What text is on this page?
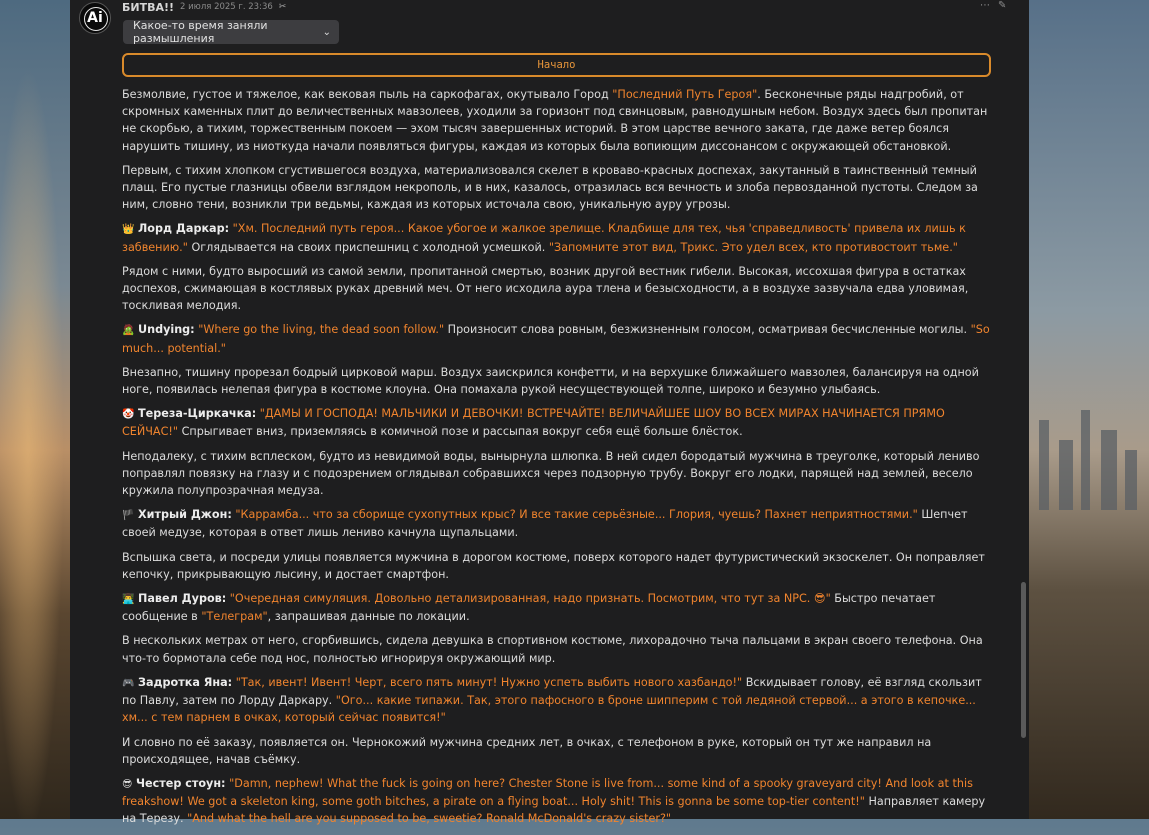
Ai
БИТВА!! 2 июля 2025 г. 23:36 ✂	⋯ ✎
Какое-то время заняли размышления	⌄
Начало

Безмолвие, густое и тяжелое, как вековая пыль на саркофагах, окутывало Город "Последний Путь Героя". Бесконечные ряды надгробий, от скромных каменных плит до величественных мавзолеев, уходили за горизонт под свинцовым, равнодушным небом. Воздух здесь был пропитан не скорбью, а тихим, торжественным покоем — эхом тысяч завершенных историй. В этом царстве вечного заката, где даже ветер боялся нарушить тишину, из ниоткуда начали появляться фигуры, каждая из которых была вопиющим диссонансом с окружающей обстановкой.

Первым, с тихим хлопком сгустившегося воздуха, материализовался скелет в кроваво-красных доспехах, закутанный в таинственный темный плащ. Его пустые глазницы обвели взглядом некрополь, и в них, казалось, отразилась вся вечность и злоба первозданной пустоты. Следом за ним, словно тени, возникли три ведьмы, каждая из которых источала свою, уникальную ауру угрозы.

👑 Лорд Даркар: "Хм. Последний путь героя... Какое убогое и жалкое зрелище. Кладбище для тех, чья 'справедливость' привела их лишь к забвению." Оглядывается на своих приспешниц с холодной усмешкой. "Запомните этот вид, Трикс. Это удел всех, кто противостоит тьме."

Рядом с ними, будто выросший из самой земли, пропитанной смертью, возник другой вестник гибели. Высокая, иссохшая фигура в остатках доспехов, сжимающая в костлявых руках древний меч. От него исходила аура тлена и безысходности, а в воздухе зазвучала едва уловимая, тоскливая мелодия.

🧟 Undying: "Where go the living, the dead soon follow." Произносит слова ровным, безжизненным голосом, осматривая бесчисленные могилы. "So much... potential."

Внезапно, тишину прорезал бодрый цирковой марш. Воздух заискрился конфетти, и на верхушке ближайшего мавзолея, балансируя на одной ноге, появилась нелепая фигура в костюме клоуна. Она помахала рукой несуществующей толпе, широко и безумно улыбаясь.

🤡 Тереза-Циркачка: "ДАМЫ И ГОСПОДА! МАЛЬЧИКИ И ДЕВОЧКИ! ВСТРЕЧАЙТЕ! ВЕЛИЧАЙШЕЕ ШОУ ВО ВСЕХ МИРАХ НАЧИНАЕТСЯ ПРЯМО СЕЙЧАС!" Спрыгивает вниз, приземляясь в комичной позе и рассыпая вокруг себя ещё больше блёсток.

Неподалеку, с тихим всплеском, будто из невидимой воды, вынырнула шлюпка. В ней сидел бородатый мужчина в треуголке, который лениво поправлял повязку на глазу и с подозрением оглядывал собравшихся через подзорную трубу. Вокруг его лодки, парящей над землей, весело кружила полупрозрачная медуза.

🏴 Хитрый Джон: "Каррамба... что за сборище сухопутных крыс? И все такие серьёзные... Глория, чуешь? Пахнет неприятностями." Шепчет своей медузе, которая в ответ лишь лениво качнула щупальцами.

Вспышка света, и посреди улицы появляется мужчина в дорогом костюме, поверх которого надет футуристический экзоскелет. Он поправляет кепочку, прикрывающую лысину, и достает смартфон.

👨‍💻 Павел Дуров: "Очередная симуляция. Довольно детализированная, надо признать. Посмотрим, что тут за NPC. 😎" Быстро печатает сообщение в "Телеграм", запрашивая данные по локации.

В нескольких метрах от него, сгорбившись, сидела девушка в спортивном костюме, лихорадочно тыча пальцами в экран своего телефона. Она что-то бормотала себе под нос, полностью игнорируя окружающий мир.

🎮 Задротка Яна: "Так, ивент! Ивент! Черт, всего пять минут! Нужно успеть выбить нового хазбандо!" Вскидывает голову, её взгляд скользит по Павлу, затем по Лорду Даркару. "Ого... какие типажи. Так, этого пафосного в броне шипперим с той ледяной стервой... а этого в кепочке... хм... с тем парнем в очках, который сейчас появится!"

И словно по её заказу, появляется он. Чернокожий мужчина средних лет, в очках, с телефоном в руке, который он тут же направил на происходящее, начав съёмку.

😎 Честер стоун: "Damn, nephew! What the fuck is going on here? Chester Stone is live from... some kind of a spooky graveyard city! And look at this freakshow! We got a skeleton king, some goth bitches, a pirate on a flying boat... Holy shit! This is gonna be some top-tier content!" Направляет камеру на Терезу. "And what the hell are you supposed to be, sweetie? Ronald McDonald's crazy sister?"
